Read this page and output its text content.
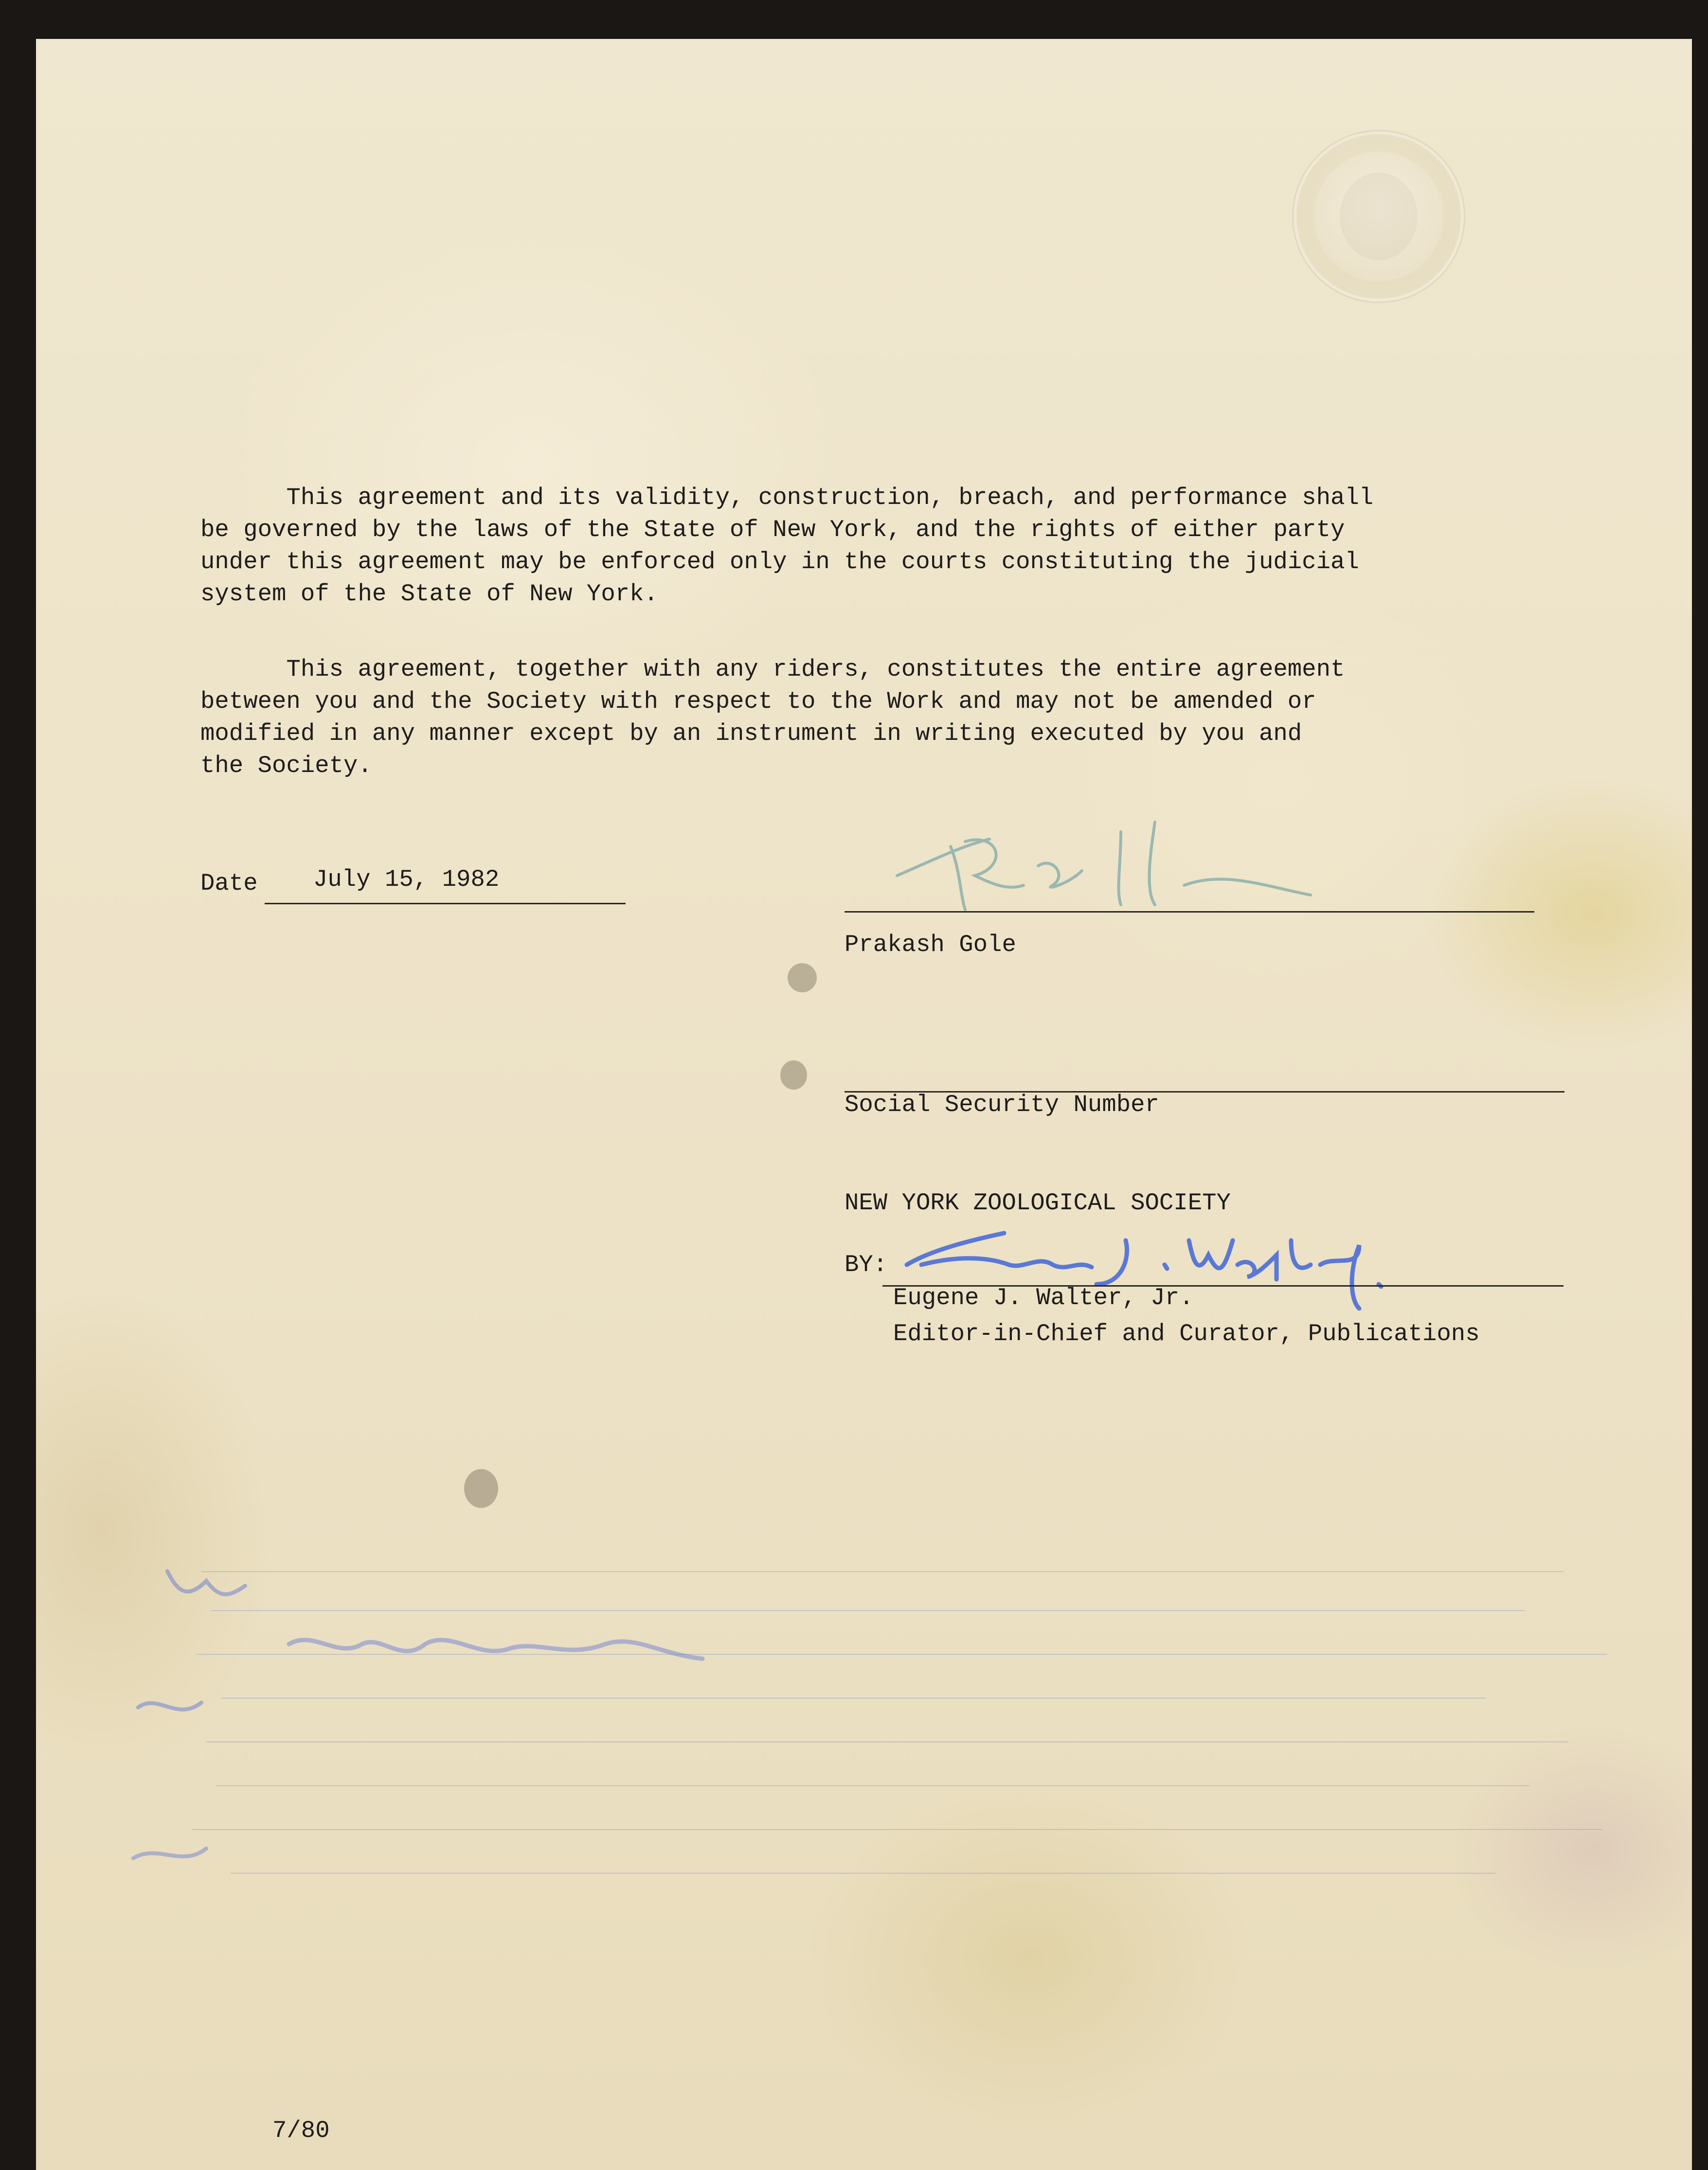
This agreement and its validity, construction, breach, and performance shall
be governed by the laws of the State of New York, and the rights of either party
under this agreement may be enforced only in the courts constituting the judicial
system of the State of New York.

This agreement, together with any riders, constitutes the entire agreement
between you and the Society with respect to the Work and may not be amended or
modified in any manner except by an instrument in writing executed by you and
the Society.

Date July 15, 1982
Prakash Gole
Social Security Number
NEW YORK ZOOLOGICAL SOCIETY
BY:
Eugene J. Walter, Jr.
Editor-in-Chief and Curator, Publications
7/80
